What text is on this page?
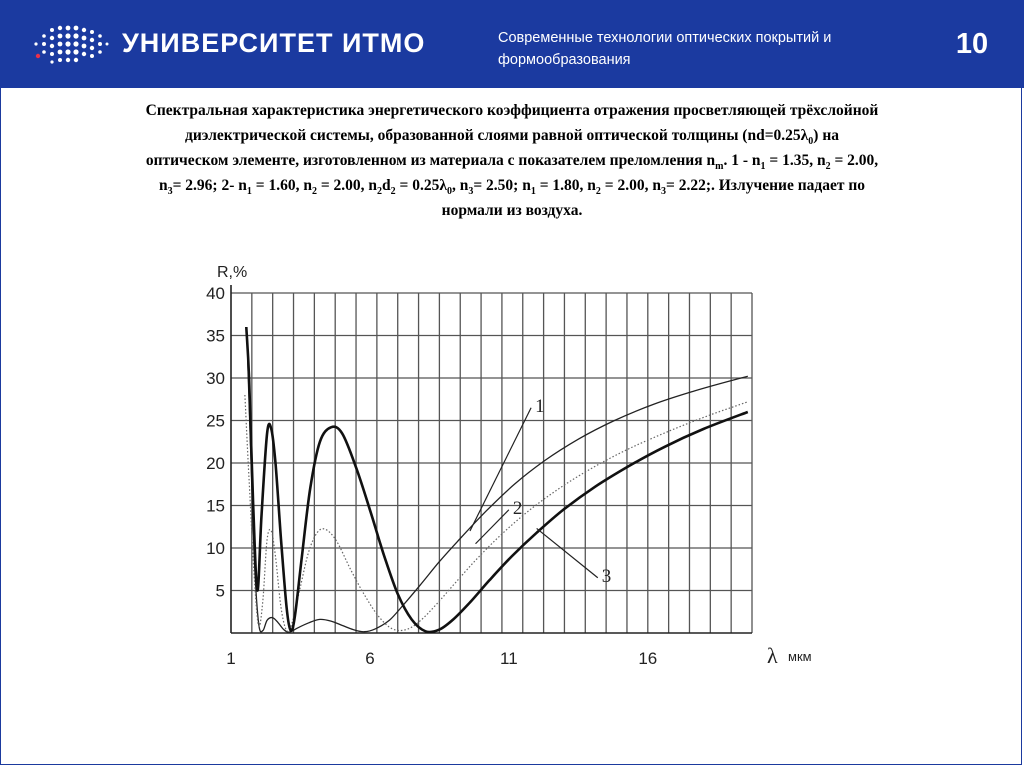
УНИВЕРСИТЕТ ИТМО	Современные технологии оптических покрытий и формообразования	10
Спектральная характеристика энергетического коэффициента отражения просветляющей трёхслойной
диэлектрической системы, образованной слоями равной оптической толщины $(nd=0.25\lambda_0)$ на
оптическом элементе, изготовленном из материала с показателем преломления $n_m$. $1 - n_1 = 1.35$, $n_2 = 2.00$,
$n_3= 2.96$; 2- $n_1 = 1.60$, $n_2 = 2.00$, $n_2d_2 = 0.25\lambda_0$, $n_3= 2.50$; $n_1 = 1.80$, $n_2 = 2.00$, $n_3= 2.22$;. Излучение падает по
нормали из воздуха.
5
10
15
20
25
30
35
40
1	6	11	16
R,%
λ мкм
1
2
3
